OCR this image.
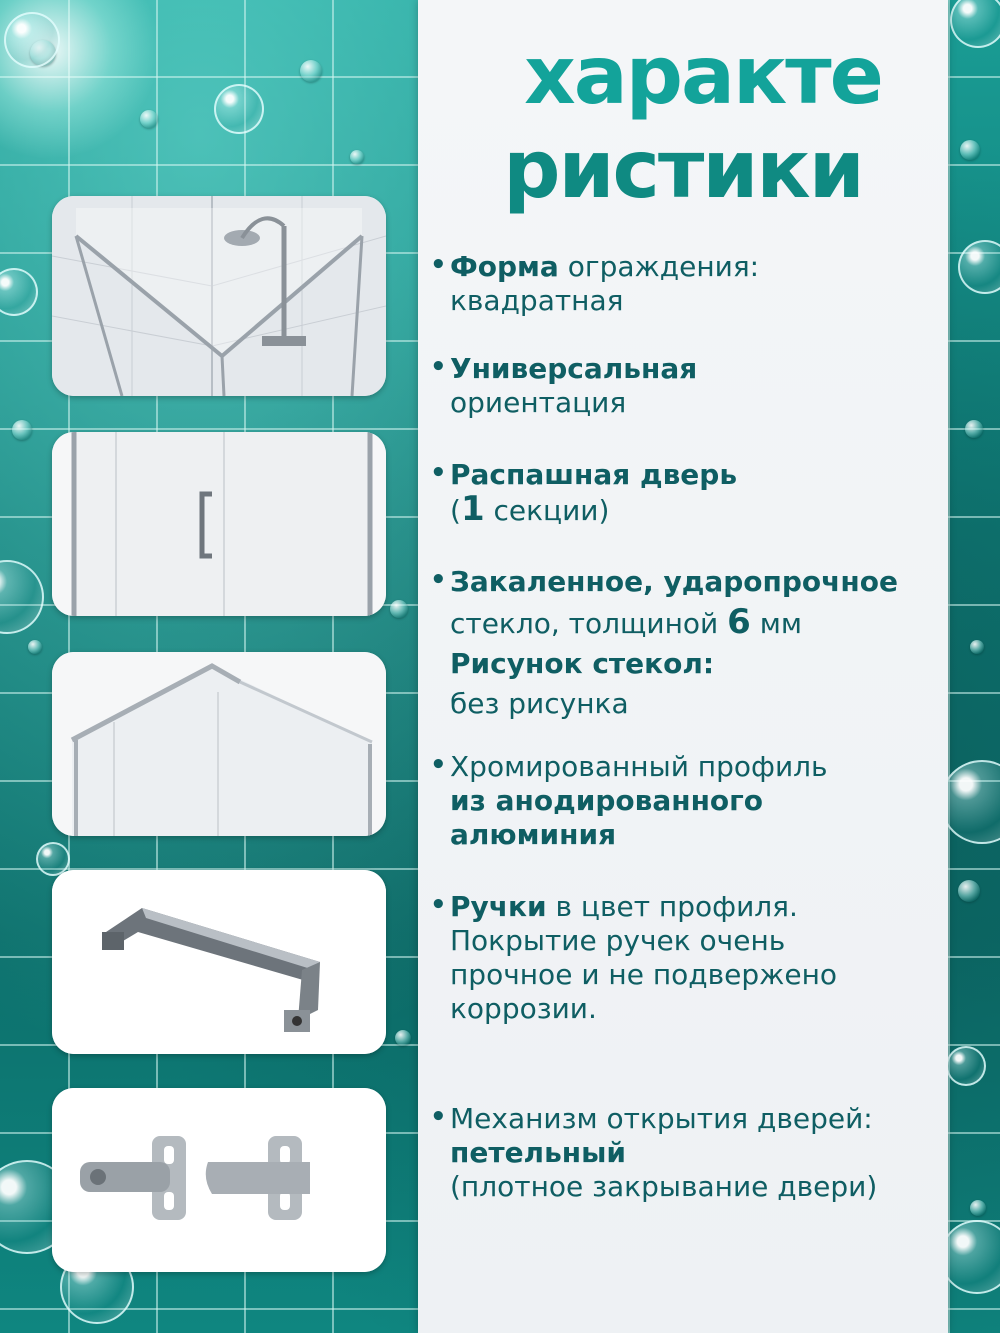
характе
ристики
• Форма ограждения:
квадратная
• Универсальная
ориентация
• Распашная дверь
(1 секции)
• Закаленное, ударопрочное
стекло, толщиной 6 мм
Рисунок стекол:
без рисунка
• Хромированный профиль
из анодированного
алюминия
• Ручки в цвет профиля.
Покрытие ручек очень
прочное и не подвержено
коррозии.
• Механизм открытия дверей:
петельный
(плотное закрывание двери)
